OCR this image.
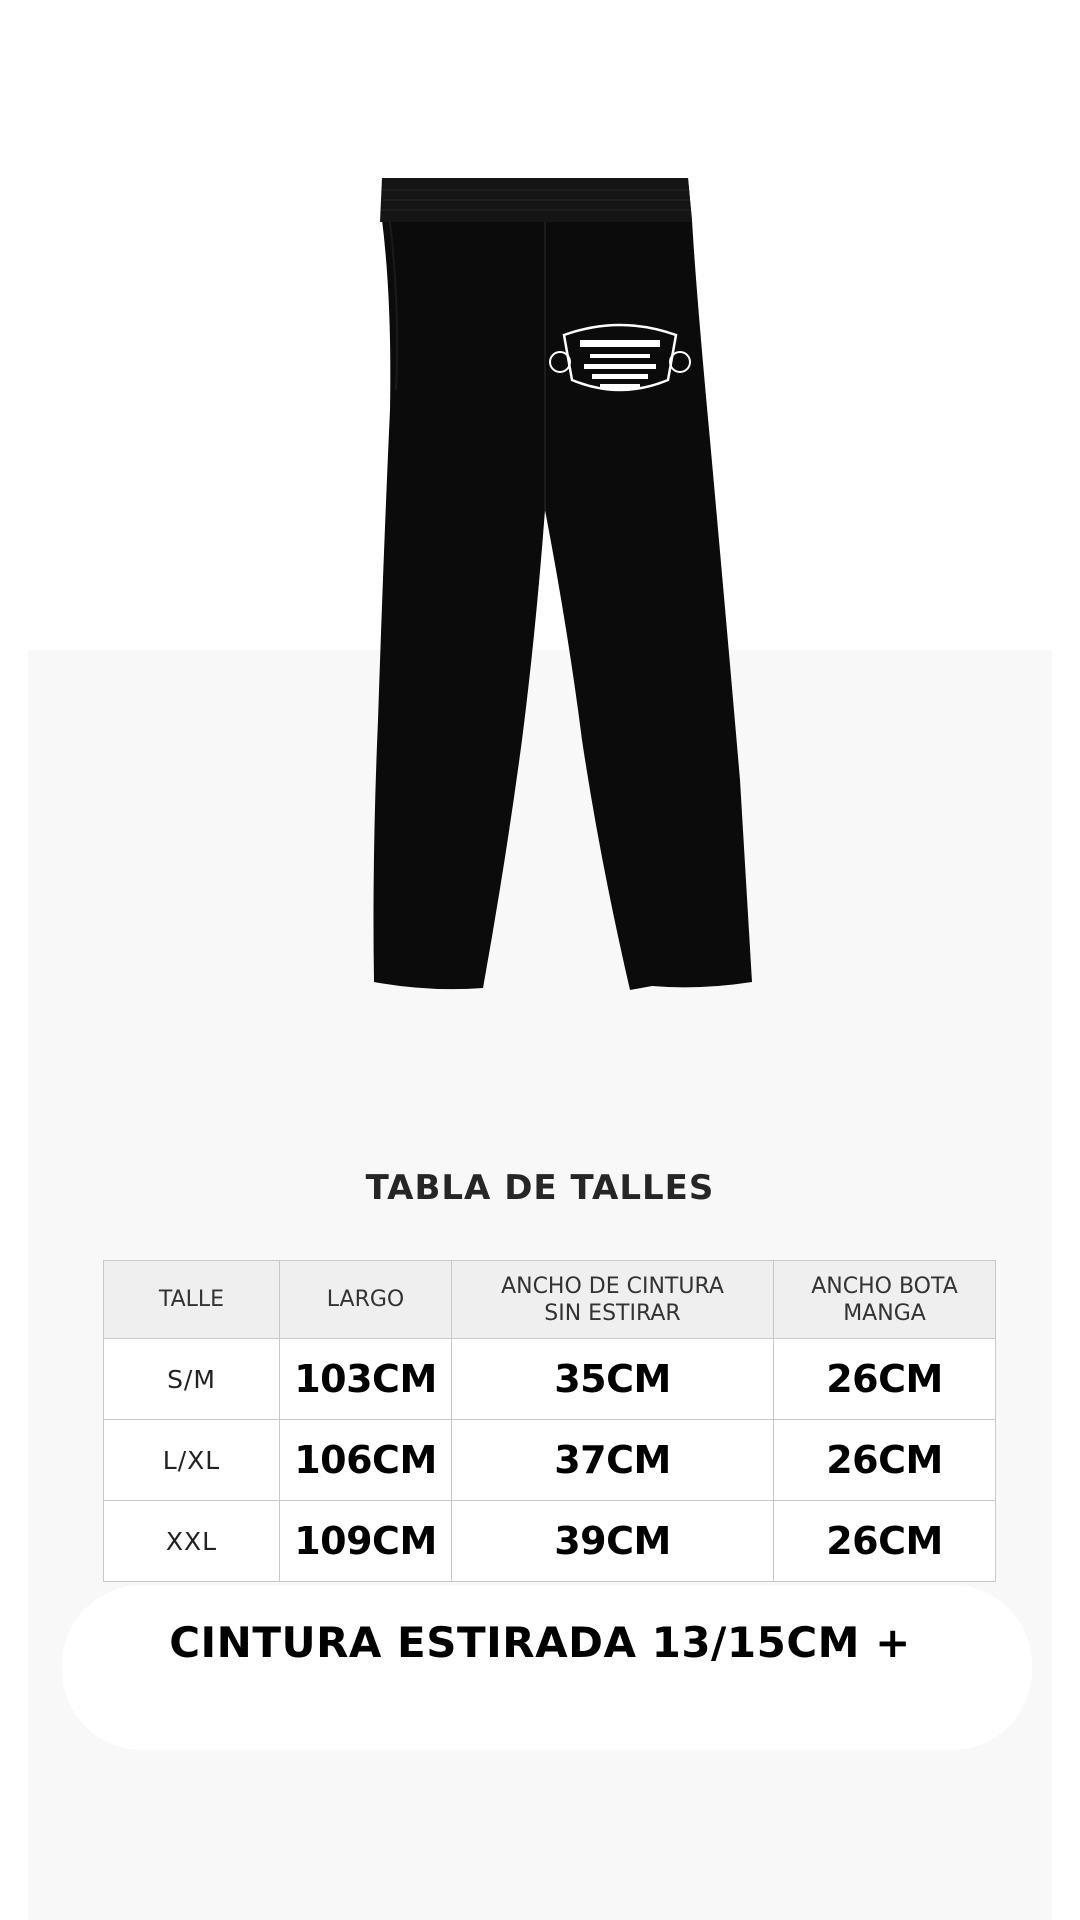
TABLA DE TALLES
TALLE	LARGO	ANCHO DE CINTURA SIN ESTIRAR	ANCHO BOTA MANGA
S/M	103CM	35CM	26CM
L/XL	106CM	37CM	26CM
XXL	109CM	39CM	26CM
CINTURA ESTIRADA 13/15CM +
